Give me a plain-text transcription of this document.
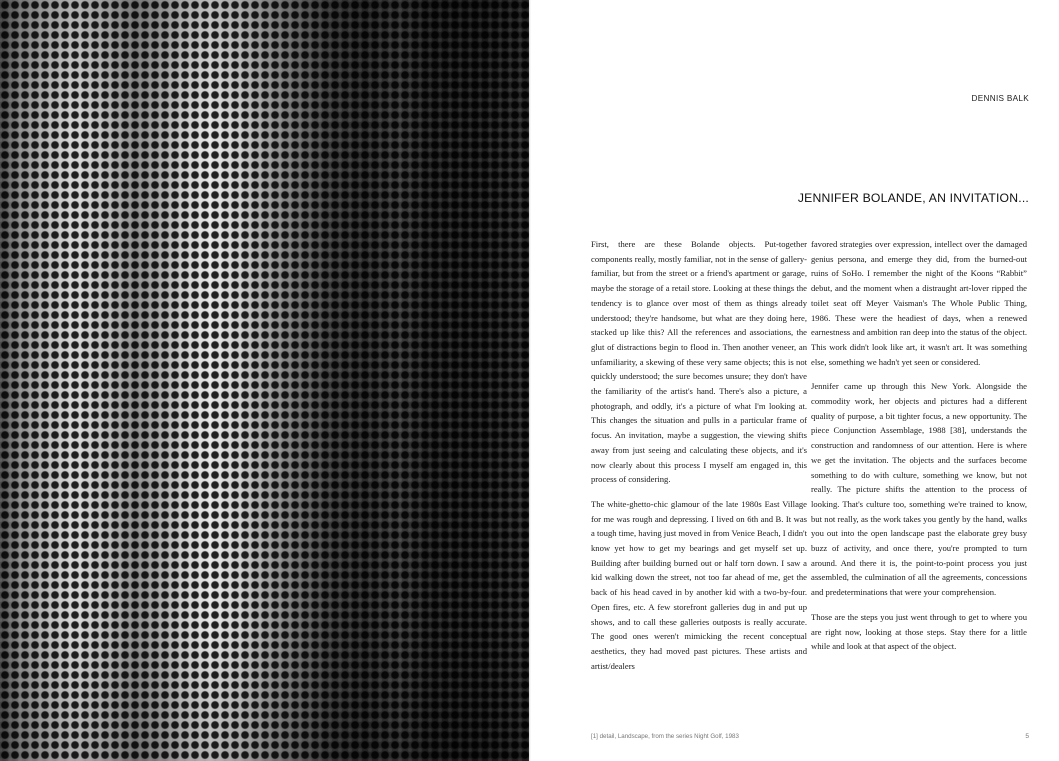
DENNIS BALK
JENNIFER BOLANDE, AN INVITATION...

First, there are these Bolande objects. Put-together components really, mostly familiar, not in the sense of gallery-familiar, but from the street or a friend's apartment or garage, maybe the storage of a retail store. Looking at these things the tendency is to glance over most of them as things already understood; they're handsome, but what are they doing here, stacked up like this? All the references and associations, the glut of distractions begin to flood in. Then another veneer, an unfamiliarity, a skewing of these very same objects; this is not quickly understood; the sure becomes unsure; they don't have the familiarity of the artist's hand. There's also a picture, a photograph, and oddly, it's a picture of what I'm looking at. This changes the situation and pulls in a particular frame of focus. An invitation, maybe a suggestion, the viewing shifts away from just seeing and calculating these objects, and it's now clearly about this process I myself am engaged in, this process of considering.

The white-ghetto-chic glamour of the late 1980s East Village for me was rough and depressing. I lived on 6th and B. It was a tough time, having just moved in from Venice Beach, I didn't know yet how to get my bearings and get myself set up. Building after building burned out or half torn down. I saw a kid walking down the street, not too far ahead of me, get the back of his head caved in by another kid with a two-by-four. Open fires, etc. A few storefront galleries dug in and put up shows, and to call these galleries outposts is really accurate. The good ones weren't mimicking the recent conceptual aesthetics, they had moved past pictures. These artists and artist/dealers

favored strategies over expression, intellect over the damaged genius persona, and emerge they did, from the burned-out ruins of SoHo. I remember the night of the Koons “Rabbit” debut, and the moment when a distraught art-lover ripped the toilet seat off Meyer Vaisman's The Whole Public Thing, 1986. These were the headiest of days, when a renewed earnestness and ambition ran deep into the status of the object. This work didn't look like art, it wasn't art. It was something else, something we hadn't yet seen or considered.

Jennifer came up through this New York. Alongside the commodity work, her objects and pictures had a different quality of purpose, a bit tighter focus, a new opportunity. The piece Conjunction Assemblage, 1988 [38], understands the construction and randomness of our attention. Here is where we get the invitation. The objects and the surfaces become something to do with culture, something we know, but not really. The picture shifts the attention to the process of looking. That's culture too, something we're trained to know, but not really, as the work takes you gently by the hand, walks you out into the open landscape past the elaborate grey busy buzz of activity, and once there, you're prompted to turn around. And there it is, the point-to-point process you just assembled, the culmination of all the agreements, concessions and predeterminations that were your comprehension.

Those are the steps you just went through to get to where you are right now, looking at those steps. Stay there for a little while and look at that aspect of the object.

[1] detail, Landscape, from the series Night Golf, 1983	5
